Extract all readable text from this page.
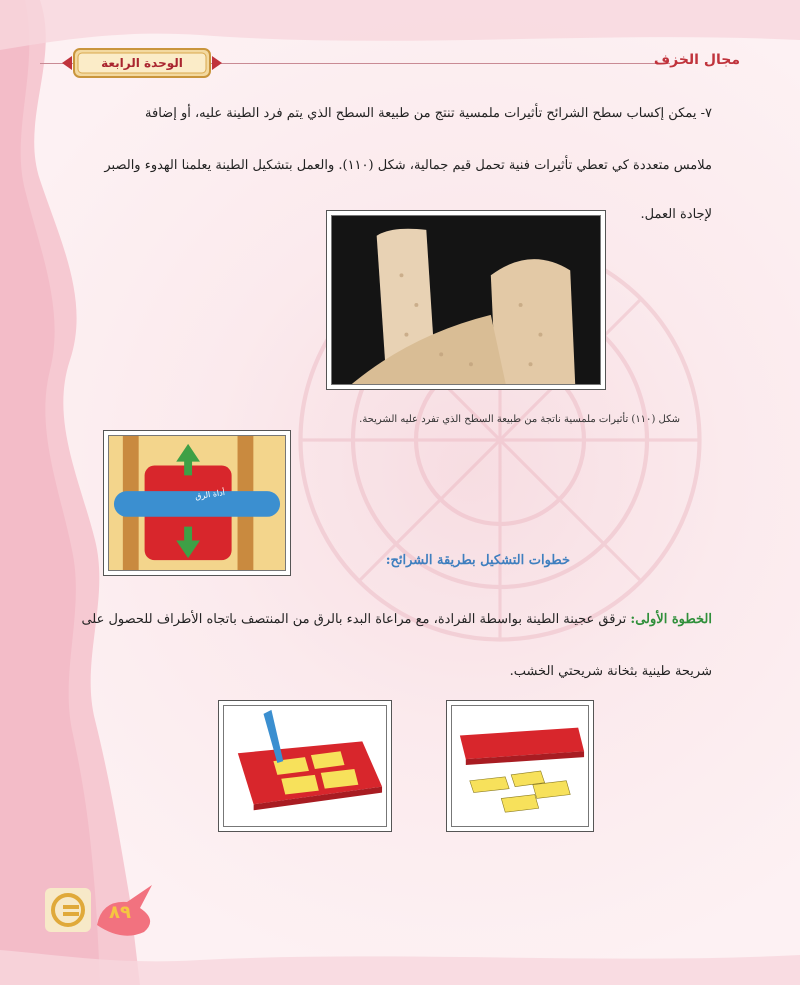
الوحدة الرابعة	مجال الخزف
٧- يمكن إكساب سطح الشرائح تأثيرات ملمسية تنتج من طبيعة السطح الذي يتم فرد الطينة عليه، أو إضافة
ملامس متعددة كي تعطي تأثيرات فنية تحمل قيم جمالية، شكل (١١٠). والعمل بتشكيل الطينة يعلمنا الهدوء والصبر
لإجادة العمل.
شكل (١١٠) تأثيرات ملمسية ناتجة من طبيعة السطح الذي تفرد عليه الشريحة.
أداة الرق
خطوات التشكيل بطريقة الشرائح:
الخطوة الأولى: ترقق عجينة الطينة بواسطة الفرادة، مع مراعاة البدء بالرق من المنتصف باتجاه الأطراف للحصول على
شريحة طينية بثخانة شريحتي الخشب.
٨٩
